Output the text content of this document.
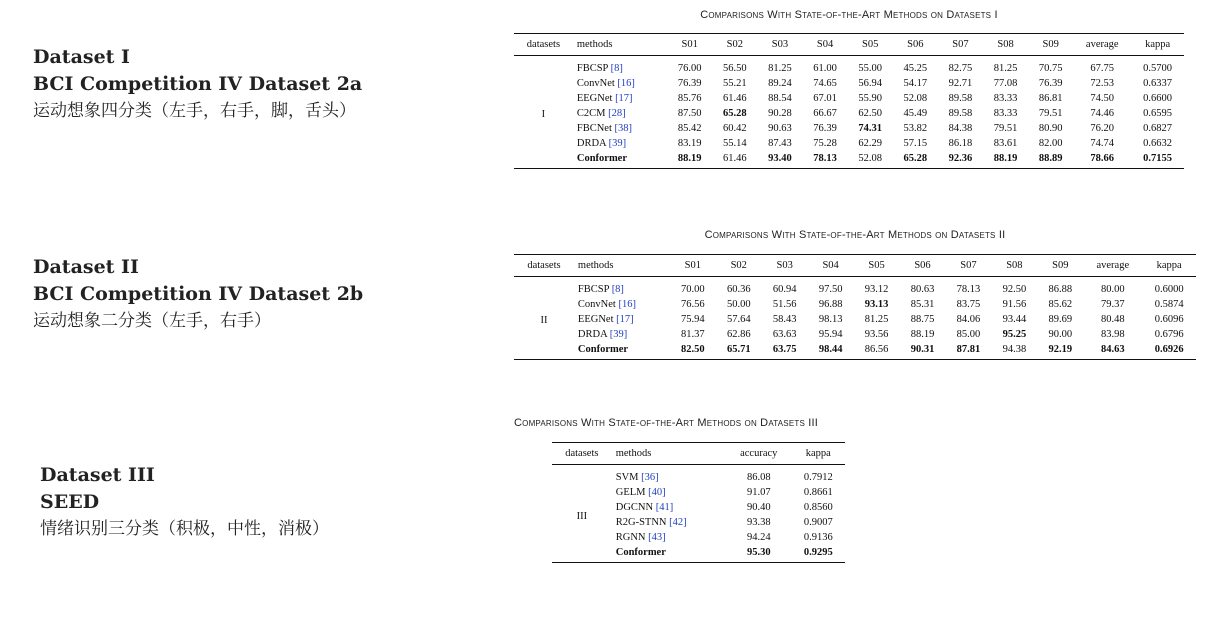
Dataset I
BCI Competition IV Dataset 2a
运动想象四分类（左手，右手，脚，舌头）
Dataset II
BCI Competition IV Dataset 2b
运动想象二分类（左手，右手）
Dataset III
SEED
情绪识别三分类（积极，中性，消极）
Comparisons With State-of-the-Art Methods on Datasets I
Comparisons With State-of-the-Art Methods on Datasets II
Comparisons With State-of-the-Art Methods on Datasets III
datasets	methods	S01	S02	S03	S04	S05	S06	S07	S08	S09	average	kappa
I	FBCSP [8]	76.00	56.50	81.25	61.00	55.00	45.25	82.75	81.25	70.75	67.75	0.5700
	ConvNet [16]	76.39	55.21	89.24	74.65	56.94	54.17	92.71	77.08	76.39	72.53	0.6337
	EEGNet [17]	85.76	61.46	88.54	67.01	55.90	52.08	89.58	83.33	86.81	74.50	0.6600
	C2CM [28]	87.50	65.28	90.28	66.67	62.50	45.49	89.58	83.33	79.51	74.46	0.6595
	FBCNet [38]	85.42	60.42	90.63	76.39	74.31	53.82	84.38	79.51	80.90	76.20	0.6827
	DRDA [39]	83.19	55.14	87.43	75.28	62.29	57.15	86.18	83.61	82.00	74.74	0.6632
	Conformer	88.19	61.46	93.40	78.13	52.08	65.28	92.36	88.19	88.89	78.66	0.7155
datasets	methods	S01	S02	S03	S04	S05	S06	S07	S08	S09	average	kappa
II	FBCSP [8]	70.00	60.36	60.94	97.50	93.12	80.63	78.13	92.50	86.88	80.00	0.6000
	ConvNet [16]	76.56	50.00	51.56	96.88	93.13	85.31	83.75	91.56	85.62	79.37	0.5874
	EEGNet [17]	75.94	57.64	58.43	98.13	81.25	88.75	84.06	93.44	89.69	80.48	0.6096
	DRDA [39]	81.37	62.86	63.63	95.94	93.56	88.19	85.00	95.25	90.00	83.98	0.6796
	Conformer	82.50	65.71	63.75	98.44	86.56	90.31	87.81	94.38	92.19	84.63	0.6926
datasets	methods	accuracy	kappa
III	SVM [36]	86.08	0.7912
	GELM [40]	91.07	0.8661
	DGCNN [41]	90.40	0.8560
	R2G-STNN [42]	93.38	0.9007
	RGNN [43]	94.24	0.9136
	Conformer	95.30	0.9295
